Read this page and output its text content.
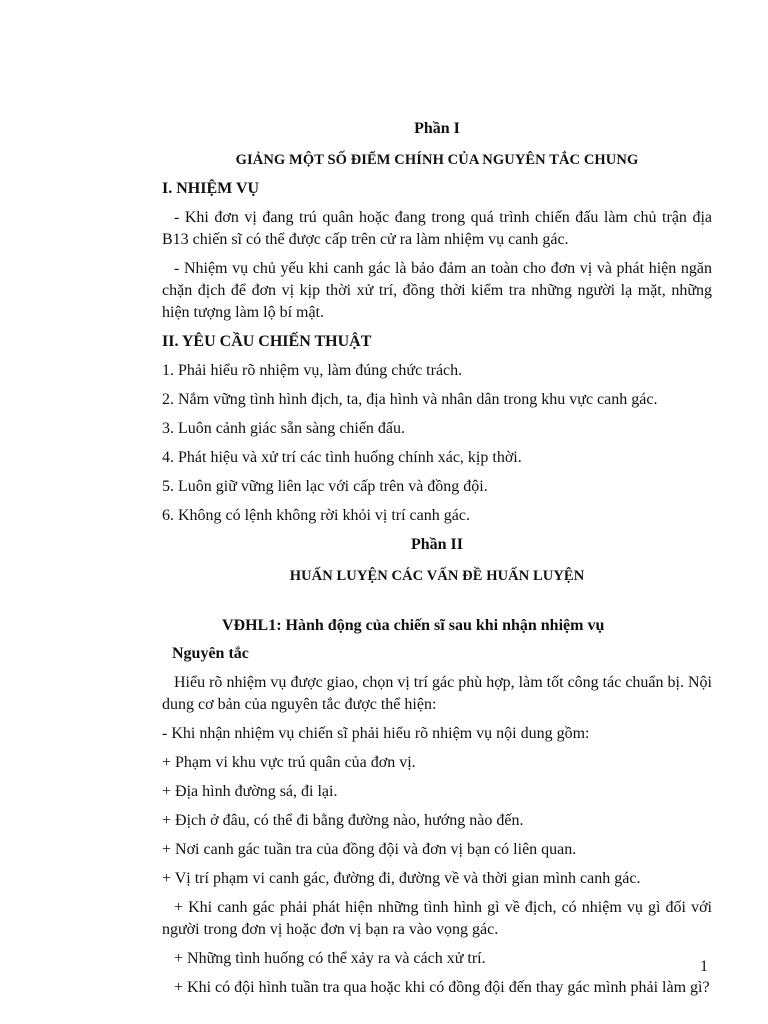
Phần I
GIẢNG MỘT SỐ ĐIỂM CHÍNH CỦA NGUYÊN TẮC CHUNG
I. NHIỆM VỤ
- Khi đơn vị đang trú quân hoặc đang trong quá trình chiến đấu làm chủ trận địa B13 chiến sĩ có thể được cấp trên cử ra làm nhiệm vụ canh gác.
- Nhiệm vụ chủ yếu khi canh gác là bảo đảm an toàn cho đơn vị và phát hiện ngăn chặn địch để đơn vị kịp thời xử trí, đồng thời kiểm tra những người lạ mặt, những hiện tượng làm lộ bí mật.
II. YÊU CẦU CHIẾN THUẬT
1. Phải hiểu rõ nhiệm vụ, làm đúng chức trách.
2. Nắm vững tình hình địch, ta, địa hình và nhân dân trong khu vực canh gác.
3. Luôn cảnh giác sẵn sàng chiến đấu.
4. Phát hiệu và xử trí các tình huống chính xác, kịp thời.
5. Luôn giữ vững liên lạc với cấp trên và đồng đội.
6. Không có lệnh không rời khỏi vị trí canh gác.
Phần II
HUẤN LUYỆN CÁC VẤN ĐỀ HUẤN LUYỆN
VĐHL1: Hành động của chiến sĩ sau khi nhận nhiệm vụ
Nguyên tắc
Hiểu rõ nhiệm vụ được giao, chọn vị trí gác phù hợp, làm tốt công tác chuẩn bị. Nội dung cơ bản của nguyên tắc được thể hiện:
- Khi nhận nhiệm vụ chiến sĩ phải hiểu rõ nhiệm vụ nội dung gồm:
+ Phạm vi khu vực trú quân của đơn vị.
+ Địa hình đường sá, đi lại.
+ Địch ở đâu, có thể đi bằng đường nào, hướng nào đến.
+ Nơi canh gác tuần tra của đồng đội và đơn vị bạn có liên quan.
+ Vị trí phạm vi canh gác, đường đi, đường về và thời gian mình canh gác.
+ Khi canh gác phải phát hiện những tình hình gì về địch, có nhiệm vụ gì đối với người trong đơn vị hoặc đơn vị bạn ra vào vọng gác.
+ Những tình huống có thể xảy ra và cách xử trí.
+ Khi có đội hình tuần tra qua hoặc khi có đồng đội đến thay gác mình phải làm gì?
1
